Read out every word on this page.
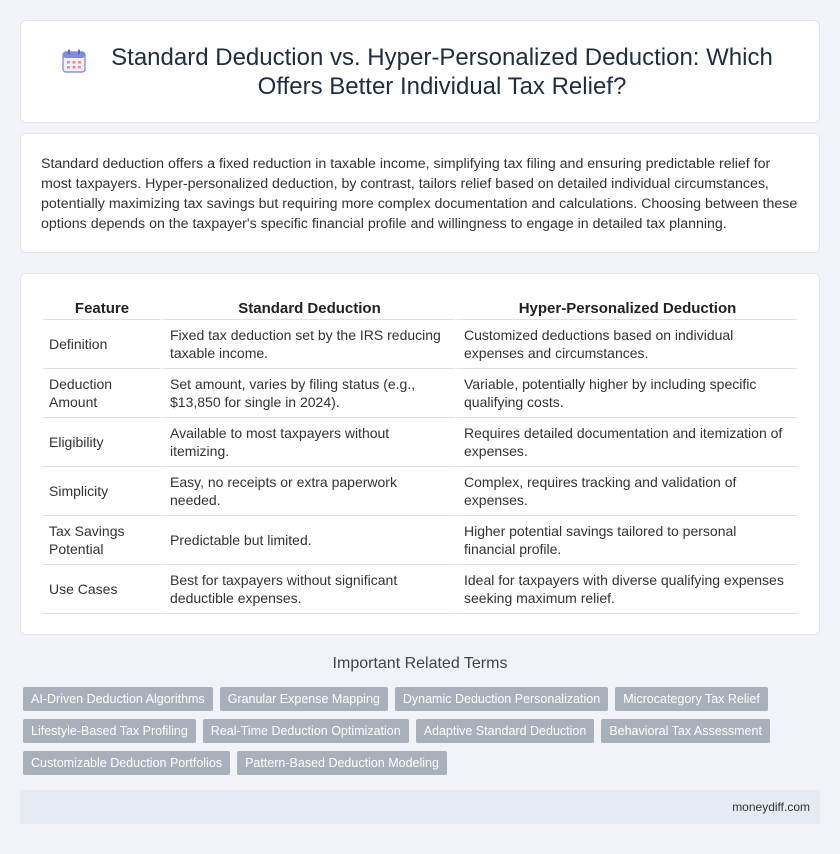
Standard Deduction vs. Hyper-Personalized Deduction: Which Offers Better Individual Tax Relief?

Standard deduction offers a fixed reduction in taxable income, simplifying tax filing and ensuring predictable relief for most taxpayers. Hyper-personalized deduction, by contrast, tailors relief based on detailed individual circumstances, potentially maximizing tax savings but requiring more complex documentation and calculations. Choosing between these options depends on the taxpayer's specific financial profile and willingness to engage in detailed tax planning.

Feature	Standard Deduction	Hyper-Personalized Deduction
Definition	Fixed tax deduction set by the IRS reducing taxable income.	Customized deductions based on individual expenses and circumstances.
Deduction Amount	Set amount, varies by filing status (e.g., $13,850 for single in 2024).	Variable, potentially higher by including specific qualifying costs.
Eligibility	Available to most taxpayers without itemizing.	Requires detailed documentation and itemization of expenses.
Simplicity	Easy, no receipts or extra paperwork needed.	Complex, requires tracking and validation of expenses.
Tax Savings Potential	Predictable but limited.	Higher potential savings tailored to personal financial profile.
Use Cases	Best for taxpayers without significant deductible expenses.	Ideal for taxpayers with diverse qualifying expenses seeking maximum relief.
Important Related Terms
AI-Driven Deduction Algorithms	Granular Expense Mapping	Dynamic Deduction Personalization	Microcategory Tax Relief
Lifestyle-Based Tax Profiling	Real-Time Deduction Optimization	Adaptive Standard Deduction	Behavioral Tax Assessment
Customizable Deduction Portfolios	Pattern-Based Deduction Modeling
moneydiff.com
